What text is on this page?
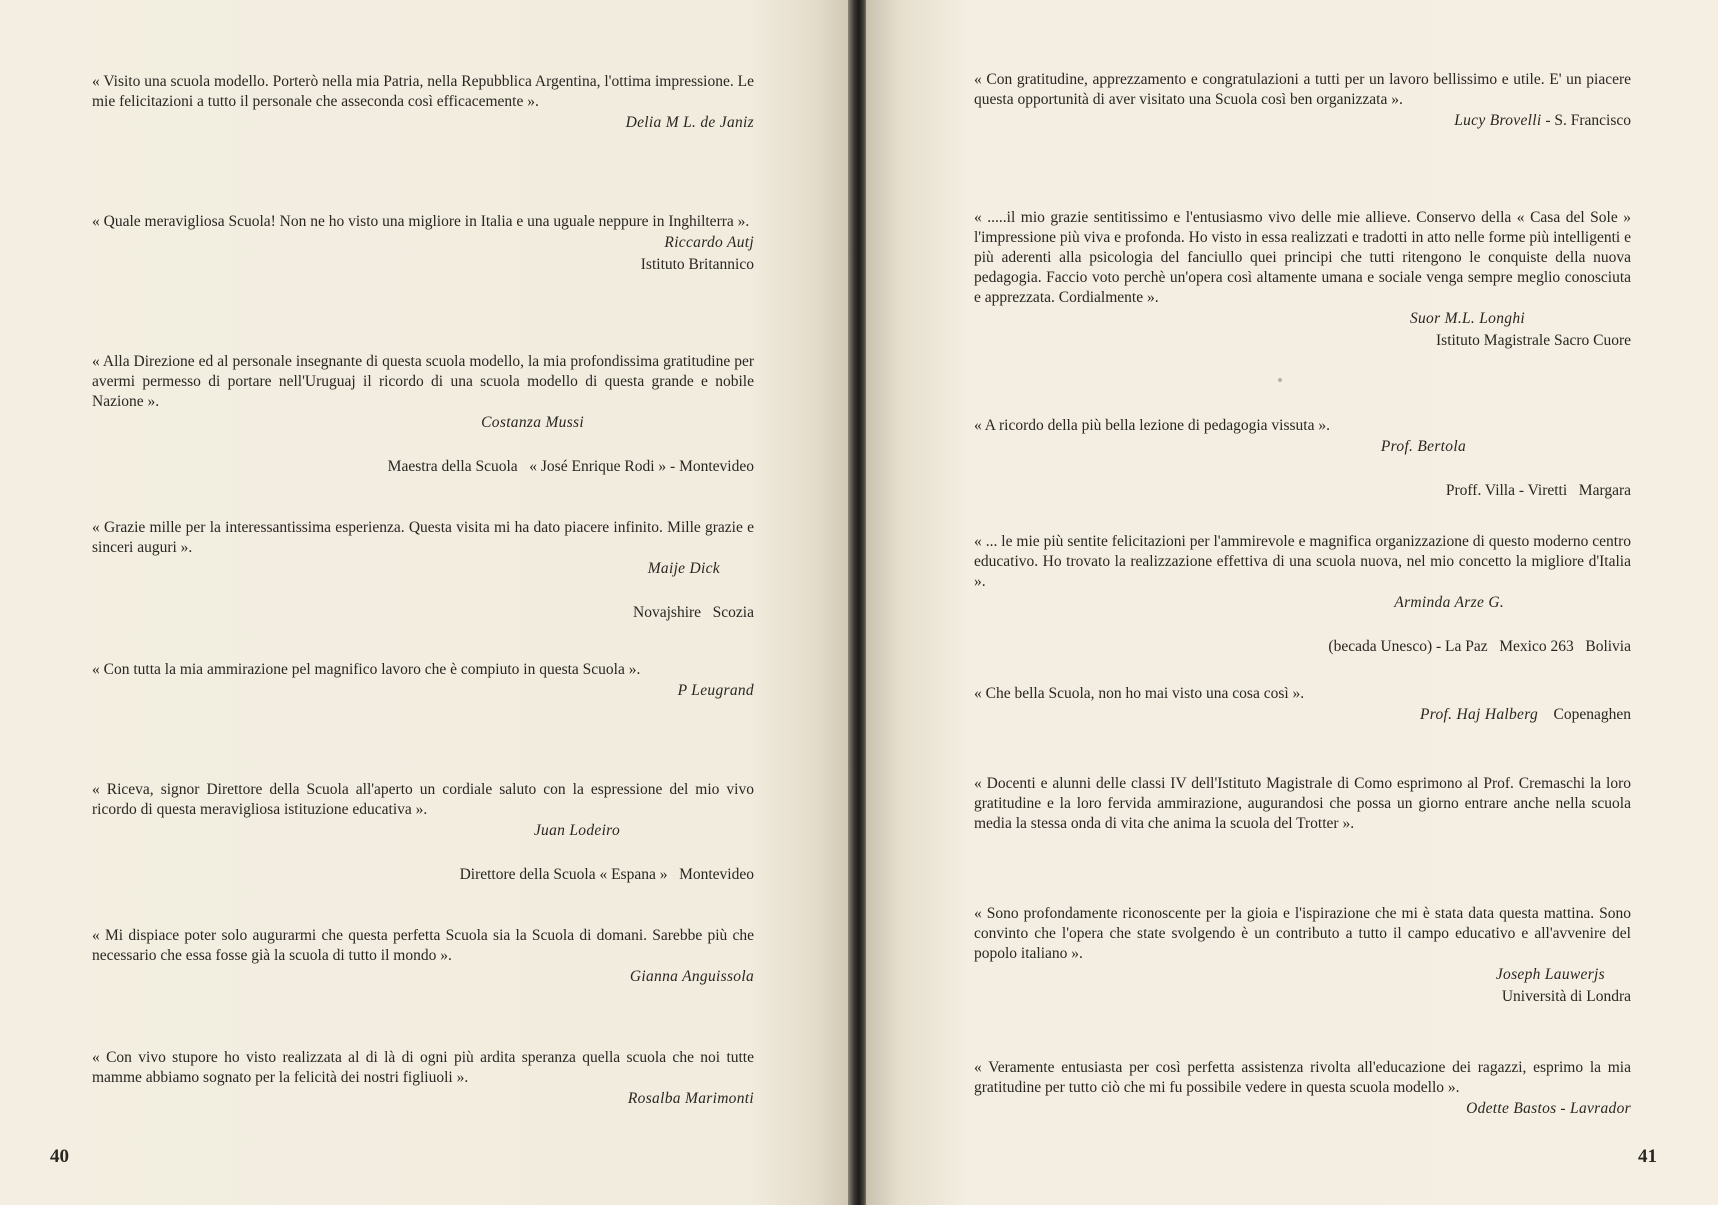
« Visito una scuola modello. Porterò nella mia Patria, nella Repubblica Argentina, l'ottima impressione. Le mie felicitazioni a tutto il personale che asseconda così efficacemente ».

Delia M L. de Janiz

« Quale meravigliosa Scuola! Non ne ho visto una migliore in Italia e una uguale neppure in Inghilterra ».

Riccardo Autj

Istituto Britannico

« Alla Direzione ed al personale insegnante di questa scuola modello, la mia profondissima gratitudine per avermi permesso di portare nell'Uruguaj il ricordo di una scuola modello di questa grande e nobile Nazione ».

Costanza Mussi

Maestra della Scuola   « José Enrique Rodi » - Montevideo

« Grazie mille per la interessantissima esperienza. Questa visita mi ha dato piacere infinito. Mille grazie e sinceri auguri ».

Maije Dick

Novajshire   Scozia

« Con tutta la mia ammirazione pel magnifico lavoro che è compiuto in questa Scuola ».

P Leugrand

« Riceva, signor Direttore della Scuola all'aperto un cordiale saluto con la espressione del mio vivo ricordo di questa meravigliosa istituzione educativa ».

Juan Lodeiro

Direttore della Scuola « Espana »   Montevideo

« Mi dispiace poter solo augurarmi che questa perfetta Scuola sia la Scuola di domani. Sarebbe più che necessario che essa fosse già la scuola di tutto il mondo ».

Gianna Anguissola

« Con vivo stupore ho visto realizzata al di là di ogni più ardita speranza quella scuola che noi tutte mamme abbiamo sognato per la felicità dei nostri figliuoli ».

Rosalba Marimonti

40

« Con gratitudine, apprezzamento e congratulazioni a tutti per un lavoro bellissimo e utile. E' un piacere questa opportunità di aver visitato una Scuola così ben organizzata ».

Lucy Brovelli - S. Francisco

« .....il mio grazie sentitissimo e l'entusiasmo vivo delle mie allieve. Conservo della « Casa del Sole » l'impressione più viva e profonda. Ho visto in essa realizzati e tradotti in atto nelle forme più intelligenti e più aderenti alla psicologia del fanciullo quei principi che tutti ritengono le conquiste della nuova pedagogia. Faccio voto perchè un'opera così altamente umana e sociale venga sempre meglio conosciuta e apprezzata. Cordialmente ».

Suor M.L. Longhi

Istituto Magistrale Sacro Cuore

« A ricordo della più bella lezione di pedagogia vissuta ».

Prof. Bertola

Proff. Villa - Viretti   Margara

« ... le mie più sentite felicitazioni per l'ammirevole e magnifica organizzazione di questo moderno centro educativo. Ho trovato la realizzazione effettiva di una scuola nuova, nel mio concetto la migliore d'Italia ».

Arminda Arze G.

(becada Unesco) - La Paz   Mexico 263   Bolivia

« Che bella Scuola, non ho mai visto una cosa così ».

Prof. Haj Halberg Copenaghen

« Docenti e alunni delle classi IV dell'Istituto Magistrale di Como esprimono al Prof. Cremaschi la loro gratitudine e la loro fervida ammirazione, augurandosi che possa un giorno entrare anche nella scuola media la stessa onda di vita che anima la scuola del Trotter ».

« Sono profondamente riconoscente per la gioia e l'ispirazione che mi è stata data questa mattina. Sono convinto che l'opera che state svolgendo è un contributo a tutto il campo educativo e all'avvenire del popolo italiano ».

Joseph Lauwerjs

Università di Londra

« Veramente entusiasta per così perfetta assistenza rivolta all'educazione dei ragazzi, esprimo la mia gratitudine per tutto ciò che mi fu possibile vedere in questa scuola modello ».

Odette Bastos - Lavrador

41
